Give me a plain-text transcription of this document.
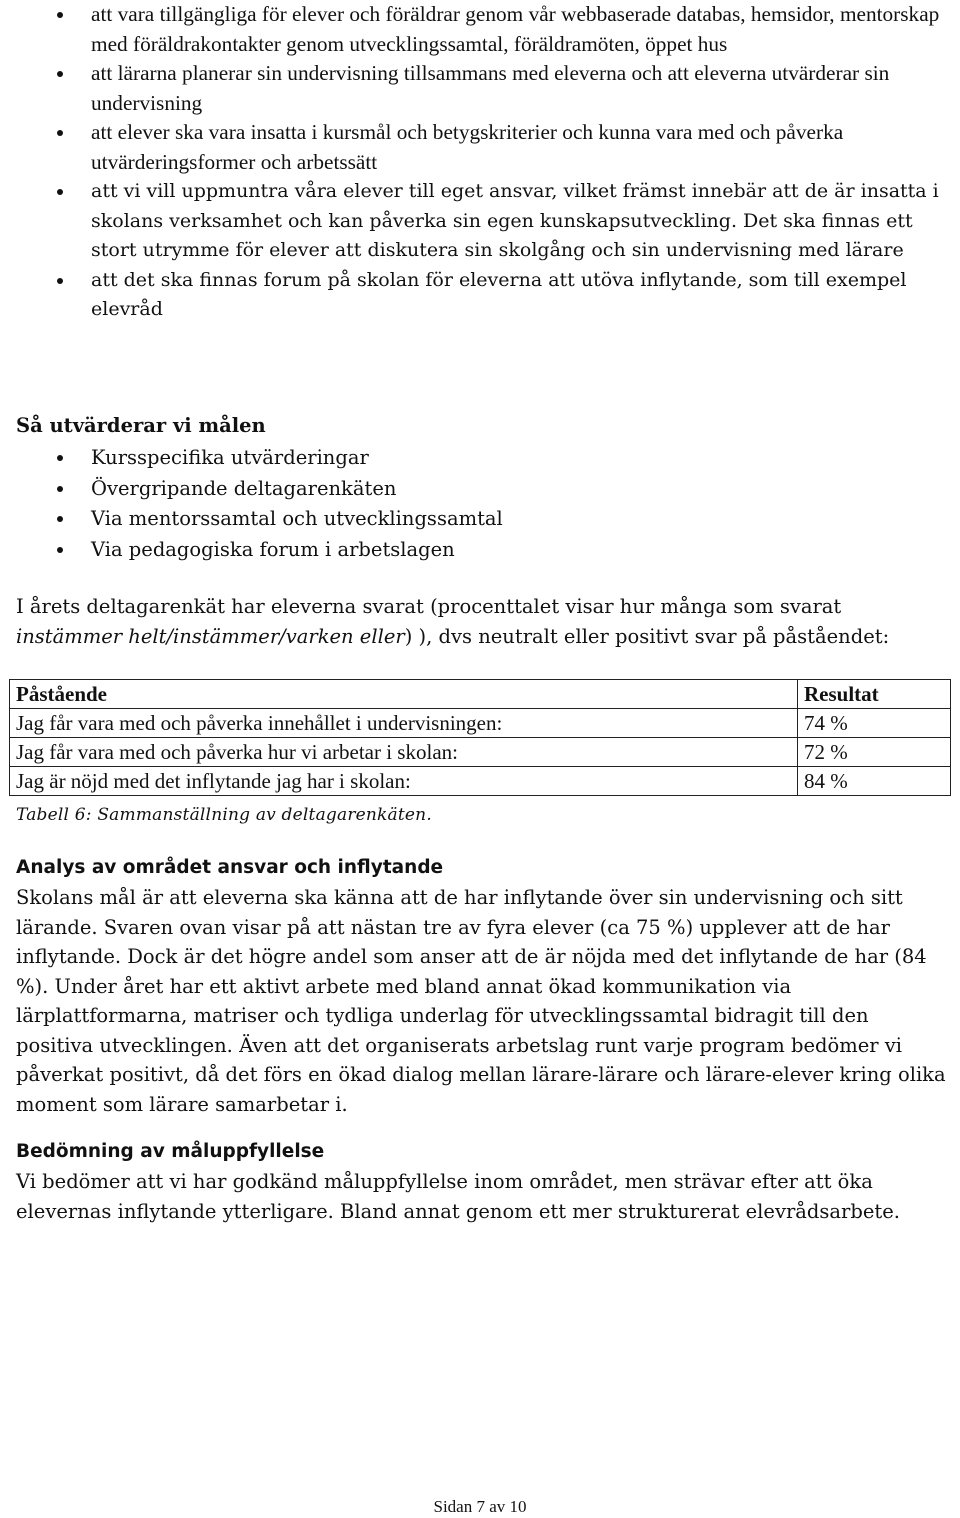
att vara tillgängliga för elever och föräldrar genom vår webbaserade databas, hemsidor, mentorskap med föräldrakontakter genom utvecklingssamtal, föräldramöten, öppet hus
att lärarna planerar sin undervisning tillsammans med eleverna och att eleverna utvärderar sin undervisning
att elever ska vara insatta i kursmål och betygskriterier och kunna vara med och påverka utvärderingsformer och arbetssätt
att vi vill uppmuntra våra elever till eget ansvar, vilket främst innebär att de är insatta i skolans verksamhet och kan påverka sin egen kunskapsutveckling. Det ska finnas ett stort utrymme för elever att diskutera sin skolgång och sin undervisning med lärare
att det ska finnas forum på skolan för eleverna att utöva inflytande, som till exempel elevråd
Så utvärderar vi målen
Kursspecifika utvärderingar
Övergripande deltagarenkäten
Via mentorssamtal och utvecklingssamtal
Via pedagogiska forum i arbetslagen
I årets deltagarenkät har eleverna svarat (procenttalet visar hur många som svarat instämmer helt/instämmer/varken eller) ), dvs neutralt eller positivt svar på påståendet:
Påstående	Resultat
Jag får vara med och påverka innehållet i undervisningen:	74 %
Jag får vara med och påverka hur vi arbetar i skolan:	72 %
Jag är nöjd med det inflytande jag har i skolan:	84 %
Tabell 6: Sammanställning av deltagarenkäten.
Analys av området ansvar och inflytande
Skolans mål är att eleverna ska känna att de har inflytande över sin undervisning och sitt lärande. Svaren ovan visar på att nästan tre av fyra elever (ca 75 %) upplever att de har inflytande. Dock är det högre andel som anser att de är nöjda med det inflytande de har (84 %). Under året har ett aktivt arbete med bland annat ökad kommunikation via lärplattformarna, matriser och tydliga underlag för utvecklingssamtal bidragit till den positiva utvecklingen. Även att det organiserats arbetslag runt varje program bedömer vi påverkat positivt, då det förs en ökad dialog mellan lärare-lärare och lärare-elever kring olika moment som lärare samarbetar i.
Bedömning av måluppfyllelse
Vi bedömer att vi har godkänd måluppfyllelse inom området, men strävar efter att öka elevernas inflytande ytterligare. Bland annat genom ett mer strukturerat elevrådsarbete.
Sidan 7 av 10
